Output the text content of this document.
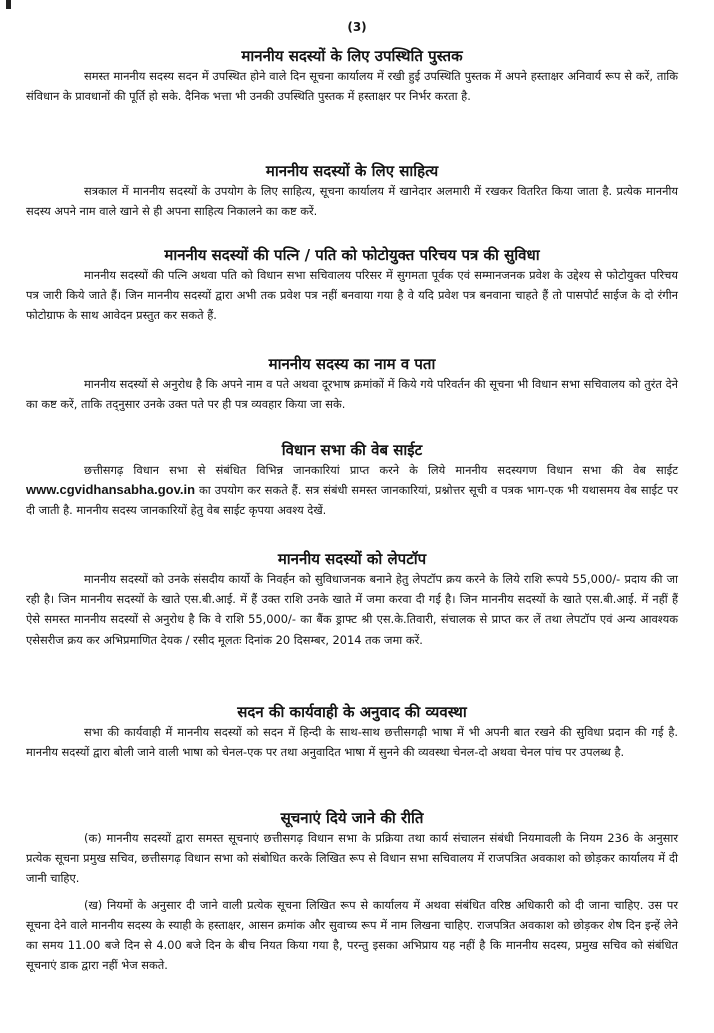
(3)
माननीय सदस्यों के लिए उपस्थिति पुस्तक

समस्त माननीय सदस्य सदन में उपस्थित होने वाले दिन सूचना कार्यालय में रखी हुई उपस्थिति पुस्तक में अपने हस्ताक्षर अनिवार्य रूप से करें, ताकि संविधान के प्रावधानों की पूर्ति हो सके. दैनिक भत्ता भी उनकी उपस्थिति पुस्तक में हस्ताक्षर पर निर्भर करता है.

माननीय सदस्यों के लिए साहित्य

सत्रकाल में माननीय सदस्यों के उपयोग के लिए साहित्य, सूचना कार्यालय में खानेदार अलमारी में रखकर वितरित किया जाता है. प्रत्येक माननीय सदस्य अपने नाम वाले खाने से ही अपना साहित्य निकालने का कष्ट करें.

माननीय सदस्यों की पत्नि / पति को फोटोयुक्त परिचय पत्र की सुविधा

माननीय सदस्यों की पत्नि अथवा पति को विधान सभा सचिवालय परिसर में सुगमता पूर्वक एवं सम्मानजनक प्रवेश के उद्देश्य से फोटोयुक्त परिचय पत्र जारी किये जाते हैं। जिन माननीय सदस्यों द्वारा अभी तक प्रवेश पत्र नहीं बनवाया गया है वे यदि प्रवेश पत्र बनवाना चाहते हैं तो पासपोर्ट साईज के दो रंगीन फोटोग्राफ के साथ आवेदन प्रस्तुत कर सकते हैं.

माननीय सदस्य का नाम व पता

माननीय सदस्यों से अनुरोध है कि अपने नाम व पते अथवा दूरभाष क्रमांकों में किये गये परिवर्तन की सूचना भी विधान सभा सचिवालय को तुरंत देने का कष्ट करें, ताकि तद्नुसार उनके उक्त पते पर ही पत्र व्यवहार किया जा सके.

विधान सभा की वेब साईट

छत्तीसगढ़ विधान सभा से संबंधित विभिन्न जानकारियां प्राप्त करने के लिये माननीय सदस्यगण विधान सभा की वेब साईट www.cgvidhansabha.gov.in का उपयोग कर सकते हैं. सत्र संबंधी समस्त जानकारियां, प्रश्नोत्तर सूची व पत्रक भाग-एक भी यथासमय वेब साईट पर दी जाती है. माननीय सदस्य जानकारियों हेतु वेब साईट कृपया अवश्य देखें.

माननीय सदस्यों को लेपटॉप

माननीय सदस्यों को उनके संसदीय कार्यो के निवर्हन को सुविधाजनक बनाने हेतु लेपटॉप क्रय करने के लिये राशि रूपये 55,000/- प्रदाय की जा रही है। जिन माननीय सदस्यों के खाते एस.बी.आई. में हैं उक्त राशि उनके खाते में जमा करवा दी गई है। जिन माननीय सदस्यों के खाते एस.बी.आई. में नहीं हैं ऐसे समस्त माननीय सदस्यों से अनुरोध है कि वे राशि 55,000/- का बैंक ड्राफ्ट श्री एस.के.तिवारी, संचालक से प्राप्त कर लें तथा लेपटॉप एवं अन्य आवश्यक एसेसरीज क्रय कर अभिप्रमाणित देयक / रसीद मूलतः दिनांक 20 दिसम्बर, 2014 तक जमा करें.

सदन की कार्यवाही के अनुवाद की व्यवस्था

सभा की कार्यवाही में माननीय सदस्यों को सदन में हिन्दी के साथ-साथ छत्तीसगढ़ी भाषा में भी अपनी बात रखने की सुविधा प्रदान की गई है. माननीय सदस्यों द्वारा बोली जाने वाली भाषा को चेनल-एक पर तथा अनुवादित भाषा में सुनने की व्यवस्था चेनल-दो अथवा चेनल पांच पर उपलब्ध है.

सूचनाएं दिये जाने की रीति

(क) माननीय सदस्यों द्वारा समस्त सूचनाएं छत्तीसगढ़ विधान सभा के प्रक्रिया तथा कार्य संचालन संबंधी नियमावली के नियम 236 के अनुसार प्रत्येक सूचना प्रमुख सचिव, छत्तीसगढ़ विधान सभा को संबोधित करके लिखित रूप से विधान सभा सचिवालय में राजपत्रित अवकाश को छोड़कर कार्यालय में दी जानी चाहिए.

(ख) नियमों के अनुसार दी जाने वाली प्रत्येक सूचना लिखित रूप से कार्यालय में अथवा संबंधित वरिष्ठ अधिकारी को दी जाना चाहिए. उस पर सूचना देने वाले माननीय सदस्य के स्याही के हस्ताक्षर, आसन क्रमांक और सुवाच्य रूप में नाम लिखना चाहिए. राजपत्रित अवकाश को छोड़कर शेष दिन इन्हें लेने का समय 11.00 बजे दिन से 4.00 बजे दिन के बीच नियत किया गया है, परन्तु इसका अभिप्राय यह नहीं है कि माननीय सदस्य, प्रमुख सचिव को संबंधित सूचनाएं डाक द्वारा नहीं भेज सकते.
